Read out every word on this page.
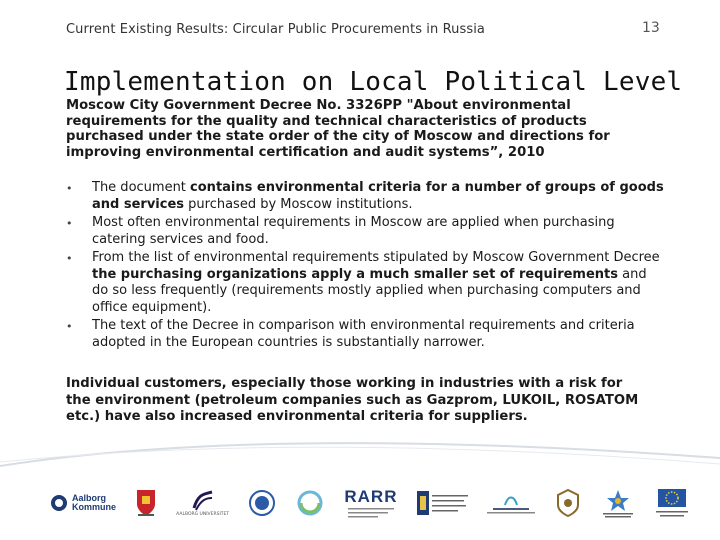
Current Existing Results: Circular Public Procurements in Russia	13
Implementation on Local Political Level
Moscow City Government Decree No. 3326PP "About environmental requirements for the quality and technical characteristics of products purchased under the state order of the city of Moscow and directions for improving environmental certification and audit systems”, 2010
• The document contains environmental criteria for a number of groups of goods and services purchased by Moscow institutions.
• Most often environmental requirements in Moscow are applied when purchasing catering services and food.
• From the list of environmental requirements stipulated by Moscow Government Decree the purchasing organizations apply a much smaller set of requirements and do so less frequently (requirements mostly applied when purchasing computers and office equipment).
• The text of the Decree in comparison with environmental requirements and criteria adopted in the European countries is substantially narrower.
Individual customers, especially those working in industries with a risk for the environment (petroleum companies such as Gazprom, LUKOIL, ROSATOM etc.) have also increased environmental criteria for suppliers.
Aalborg
Kommune
AALBORG UNIVERSITET
RARR
